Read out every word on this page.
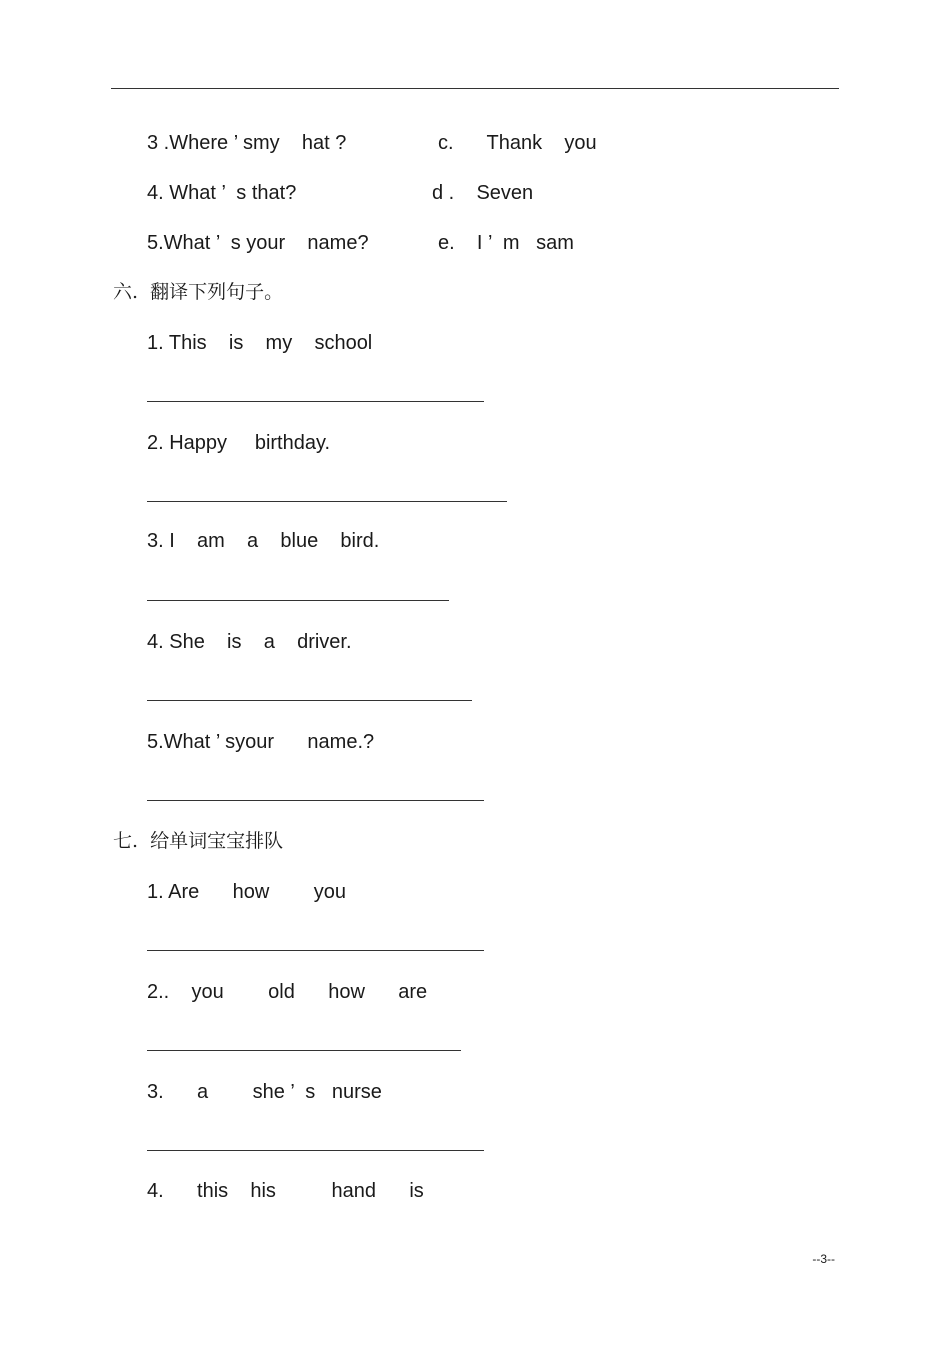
3 .Where ’ smy    hat ?	c.      Thank    you
4. What ’  s that?	d .    Seven
5.What ’  s your    name?	e.    I ’  m   sam
六.  翻译下列句子。
1. This    is    my    school
2. Happy     birthday.
3. I    am    a    blue    bird.
4. She    is    a    driver.
5.What ’ syour      name.?
七.  给单词宝宝排队
1. Are      how        you
2..    you        old      how      are
3.      a        she ’  s   nurse
4.      this    his          hand      is
--3--
